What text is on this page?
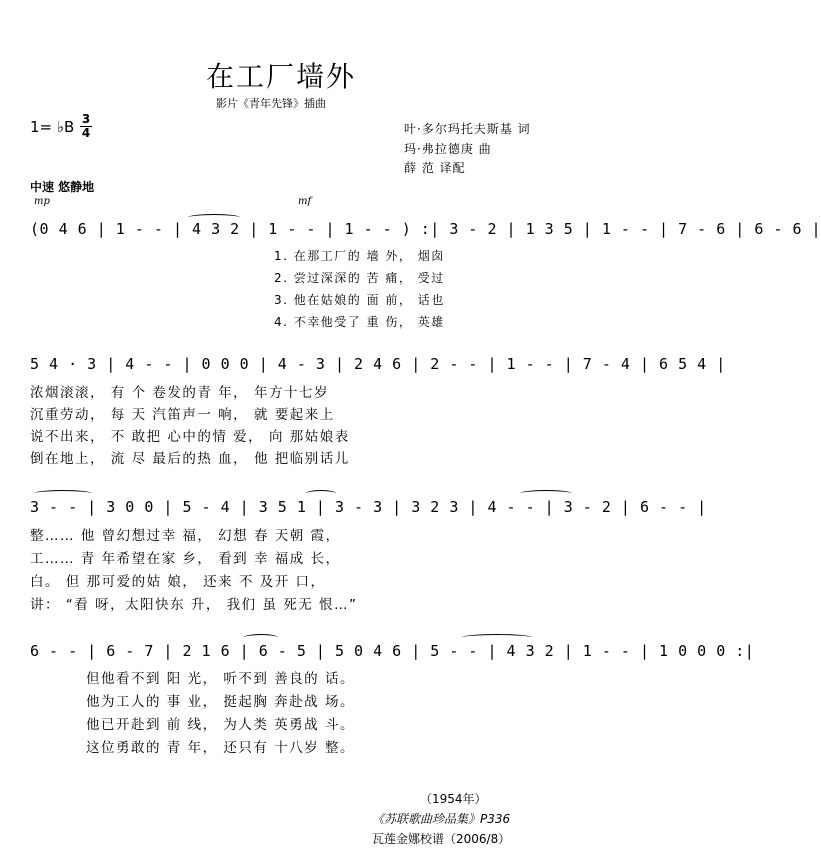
在工厂墙外
影片《青年先锋》插曲
1= ♭B 3
4	叶·多尔玛托夫斯基 词
玛·弗拉德庚 曲
薛 范 译配
中速 悠静地
mp	mf
(0 4 6 | 1 - - | 4 3 2 | 1 - - | 1 - - ) :| 3 - 2 | 1 3 5 | 1 - - | 7 - 6 | 6 - 6 |
1. 在那工厂的 墙 外， 烟囱
2. 尝过深深的 苦 痛， 受过
3. 他在姑娘的 面 前， 话也
4. 不幸他受了 重 伤， 英雄
5 4 · 3 | 4 - - | 0 0 0 | 4 - 3 | 2 4 6 | 2 - - | 1 - - | 7 - 4 | 6 5 4 |
浓烟滚滚， 有 个 卷发的青 年， 年方十七岁
沉重劳动， 每 天 汽笛声一 响， 就 要起来上
说不出来， 不 敢把 心中的情 爱， 向 那姑娘表
倒在地上， 流 尽 最后的热 血， 他 把临别话儿
3 - - | 3 0 0 | 5 - 4 | 3 5 1 | 3 - 3 | 3 2 3 | 4 - - | 3 - 2 | 6 - - |
整…… 他 曾幻想过幸 福， 幻想 春 天朝 霞，
工…… 青 年希望在家 乡， 看到 幸 福成 长，
白。 但 那可爱的姑 娘， 还来 不 及开 口，
讲： “看 呀，太阳快东 升， 我们 虽 死无 恨…”
6 - - | 6 - 7 | 2 1 6 | 6 - 5 | 5 0 4 6 | 5 - - | 4 3 2 | 1 - - | 1 0 0 0 :|
但他看不到 阳 光， 听不到 善良的 话。
他为工人的 事 业， 挺起胸 奔赴战 场。
他已开赴到 前 线， 为人类 英勇战 斗。
这位勇敢的 青 年， 还只有 十八岁 整。
（1954年）
《苏联歌曲珍品集》P336
瓦莲金娜校谱（2006/8）
